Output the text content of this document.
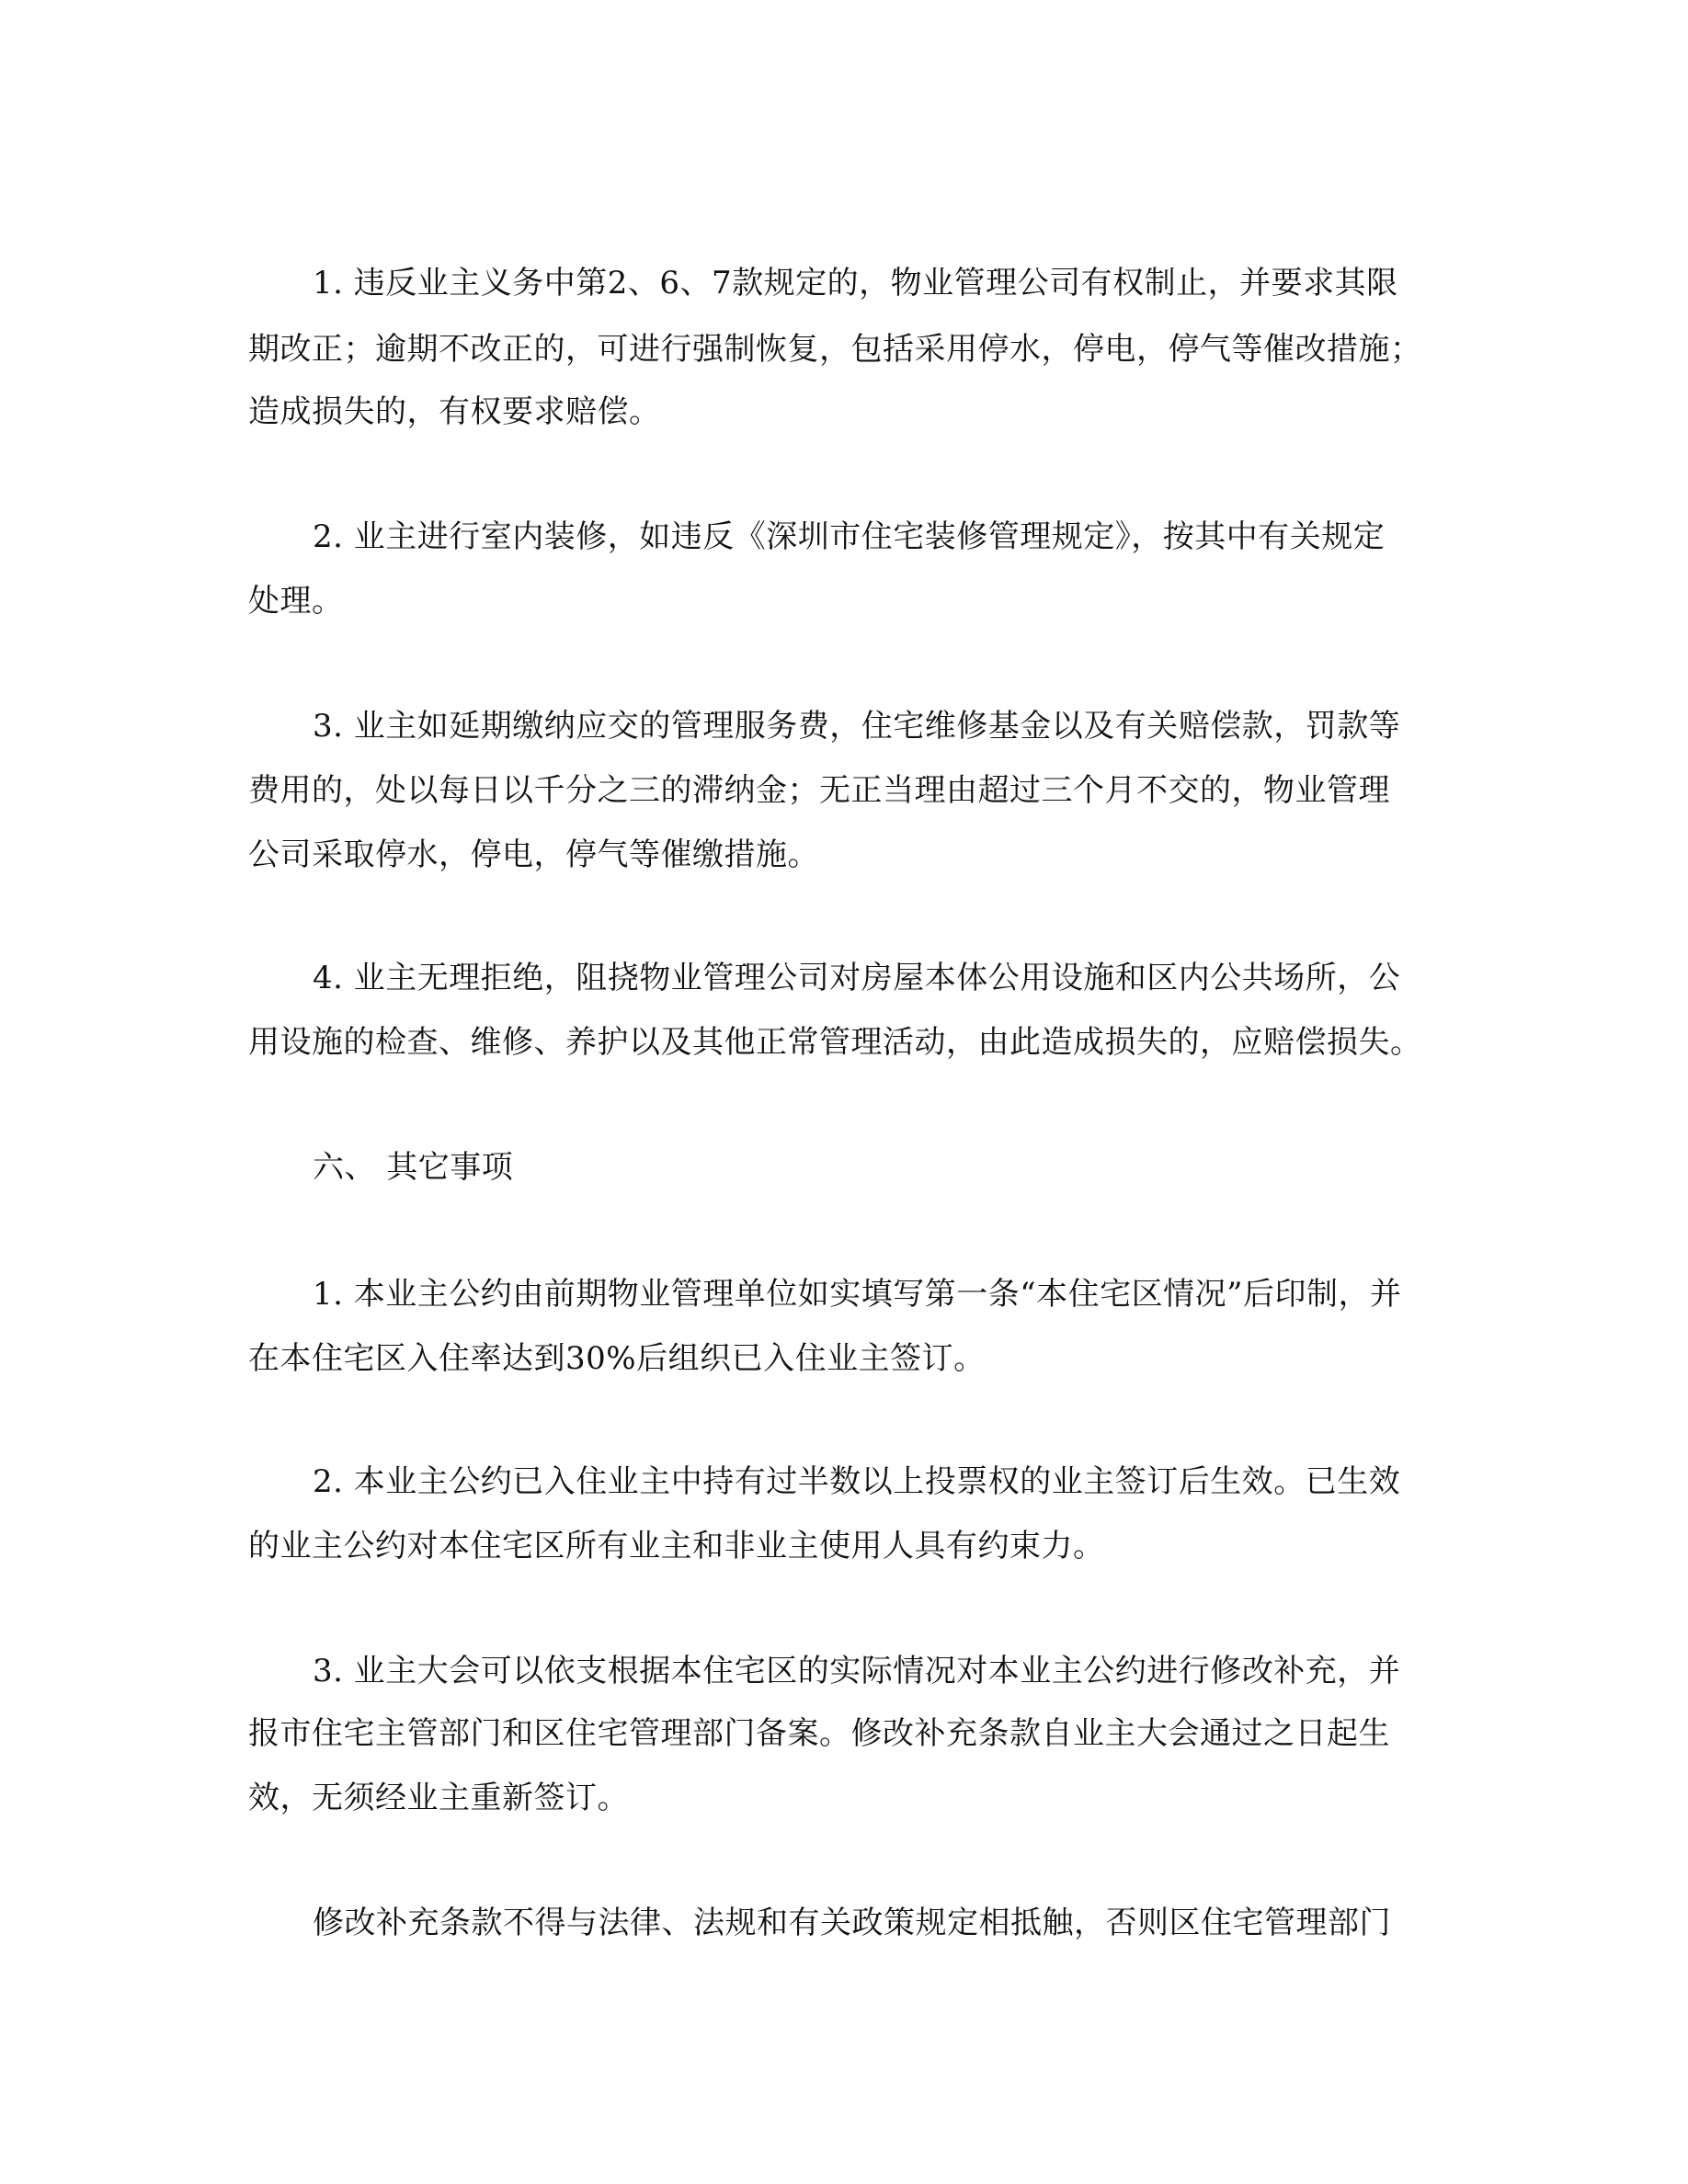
1. 违反业主义务中第2、6、7款规定的，物业管理公司有权制止，并要求其限
期改正；逾期不改正的，可进行强制恢复，包括采用停水，停电，停气等催改措施；
造成损失的，有权要求赔偿。
2. 业主进行室内装修，如违反《深圳市住宅装修管理规定》，按其中有关规定
处理。
3. 业主如延期缴纳应交的管理服务费，住宅维修基金以及有关赔偿款，罚款等
费用的，处以每日以千分之三的滞纳金；无正当理由超过三个月不交的，物业管理
公司采取停水，停电，停气等催缴措施。
4. 业主无理拒绝，阻挠物业管理公司对房屋本体公用设施和区内公共场所，公
用设施的检查、维修、养护以及其他正常管理活动，由此造成损失的，应赔偿损失。
六、 其它事项
1. 本业主公约由前期物业管理单位如实填写第一条“本住宅区情况”后印制，并
在本住宅区入住率达到30%后组织已入住业主签订。
2. 本业主公约已入住业主中持有过半数以上投票权的业主签订后生效。已生效
的业主公约对本住宅区所有业主和非业主使用人具有约束力。
3. 业主大会可以依支根据本住宅区的实际情况对本业主公约进行修改补充，并
报市住宅主管部门和区住宅管理部门备案。修改补充条款自业主大会通过之日起生
效，无须经业主重新签订。
修改补充条款不得与法律、法规和有关政策规定相抵触，否则区住宅管理部门
